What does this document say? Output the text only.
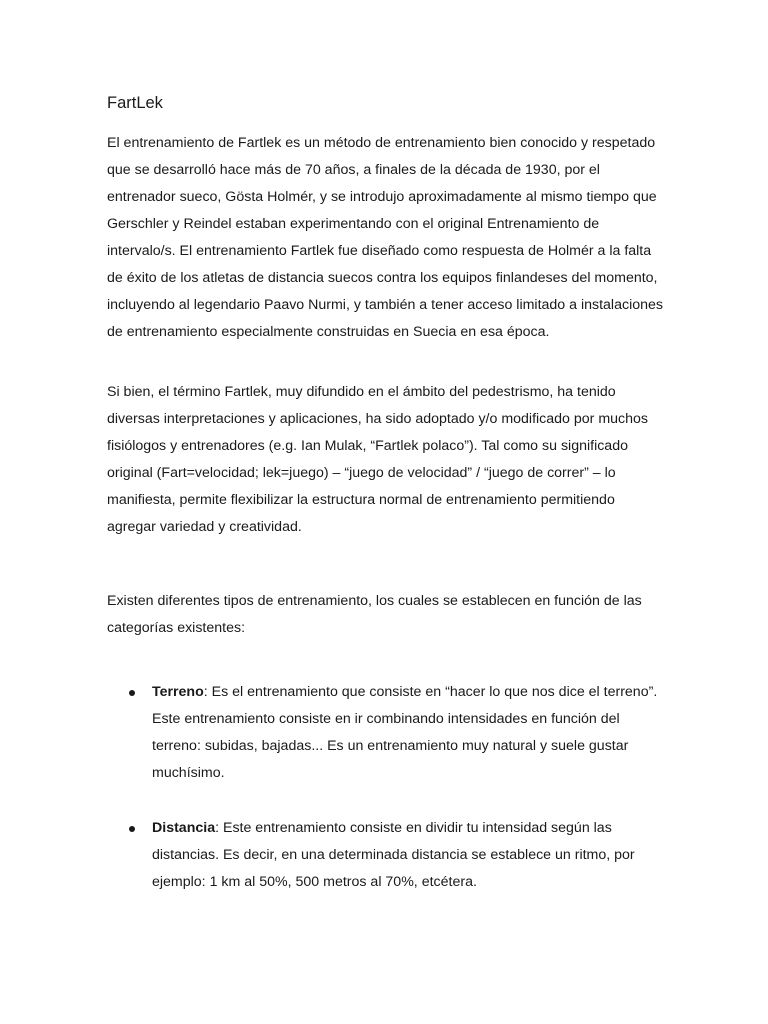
FartLek

El entrenamiento de Fartlek es un método de entrenamiento bien conocido y respetado que se desarrolló hace más de 70 años, a finales de la década de 1930, por el entrenador sueco, Gösta Holmér, y se introdujo aproximadamente al mismo tiempo que Gerschler y Reindel estaban experimentando con el original Entrenamiento de intervalo/s. El entrenamiento Fartlek fue diseñado como respuesta de Holmér a la falta de éxito de los atletas de distancia suecos contra los equipos finlandeses del momento, incluyendo al legendario Paavo Nurmi, y también a tener acceso limitado a instalaciones de entrenamiento especialmente construidas en Suecia en esa época.

Si bien, el término Fartlek, muy difundido en el ámbito del pedestrismo, ha tenido diversas interpretaciones y aplicaciones, ha sido adoptado y/o modificado por muchos fisiólogos y entrenadores (e.g. Ian Mulak, “Fartlek polaco”). Tal como su significado original (Fart=velocidad; lek=juego) – “juego de velocidad” / “juego de correr” – lo manifiesta, permite flexibilizar la estructura normal de entrenamiento permitiendo agregar variedad y creatividad.

Existen diferentes tipos de entrenamiento, los cuales se establecen en función de las categorías existentes:

Terreno: Es el entrenamiento que consiste en “hacer lo que nos dice el terreno”. Este entrenamiento consiste en ir combinando intensidades en función del terreno: subidas, bajadas... Es un entrenamiento muy natural y suele gustar muchísimo.
Distancia: Este entrenamiento consiste en dividir tu intensidad según las distancias. Es decir, en una determinada distancia se establece un ritmo, por ejemplo: 1 km al 50%, 500 metros al 70%, etcétera.
